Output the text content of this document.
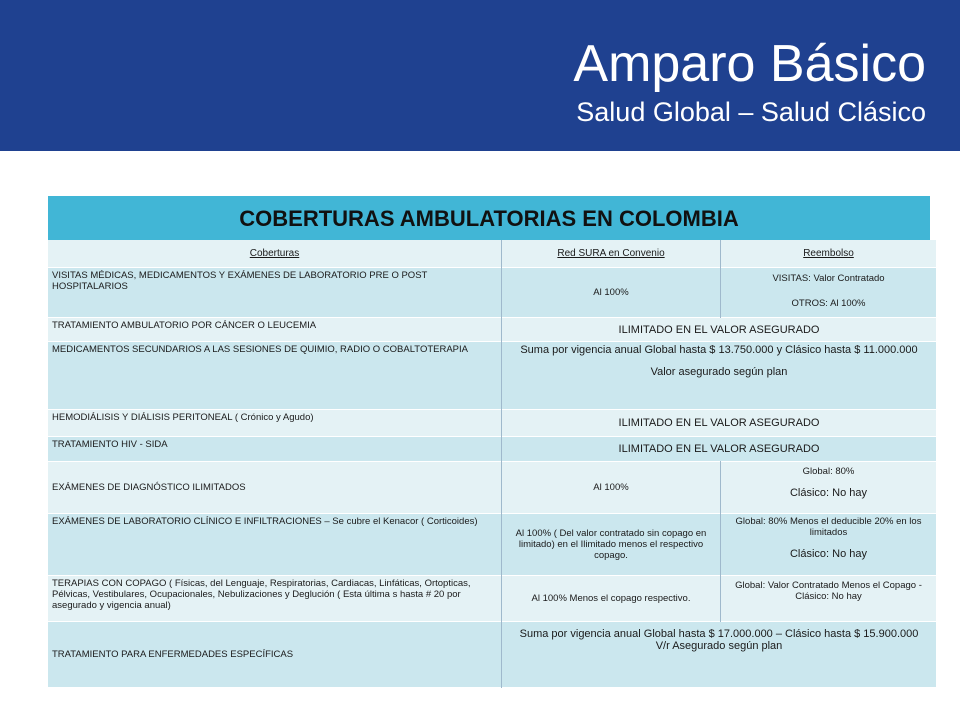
Amparo Básico
Salud Global – Salud Clásico
COBERTURAS AMBULATORIAS EN COLOMBIA
Coberturas	Red SURA en Convenio	Reembolso
VISITAS MÉDICAS, MEDICAMENTOS Y EXÁMENES DE LABORATORIO PRE O POST HOSPITALARIOS	Al 100%	VISITAS: Valor Contratado
OTROS: Al 100%

TRATAMIENTO AMBULATORIO POR CÁNCER O LEUCEMIA	ILIMITADO EN EL VALOR ASEGURADO	
MEDICAMENTOS SECUNDARIOS A LAS SESIONES DE QUIMIO, RADIO O COBALTOTERAPIA	Suma por vigencia anual Global hasta $ 13.750.000 y Clásico hasta $ 11.000.000
Valor asegurado según plan	

HEMODIÁLISIS Y DIÁLISIS PERITONEAL ( Crónico y Agudo)	ILIMITADO EN EL VALOR ASEGURADO	
TRATAMIENTO HIV - SIDA	ILIMITADO EN EL VALOR ASEGURADO	
EXÁMENES DE DIAGNÓSTICO ILIMITADOS	Al 100%	Global: 80%
Clásico: No hay

EXÁMENES DE LABORATORIO CLÍNICO E INFILTRACIONES – Se cubre el Kenacor ( Corticoides)	Al 100% ( Del valor contratado sin copago en limitado) en el Ilimitado menos el respectivo copago.	Global: 80% Menos el deducible 20% en los limitados
Clásico: No hay

TERAPIAS CON COPAGO ( Físicas, del Lenguaje, Respiratorias, Cardiacas, Linfáticas, Ortopticas, Pélvicas, Vestibulares, Ocupacionales, Nebulizaciones y Deglución ( Esta última s hasta # 20 por asegurado y vigencia anual)	Al 100% Menos el copago respectivo.	Global: Valor Contratado Menos el Copago - Clásico: No hay
TRATAMIENTO PARA ENFERMEDADES ESPECÍFICAS	Suma por vigencia anual Global hasta $ 17.000.000 – Clásico hasta $ 15.900.000 V/r Asegurado según plan	
